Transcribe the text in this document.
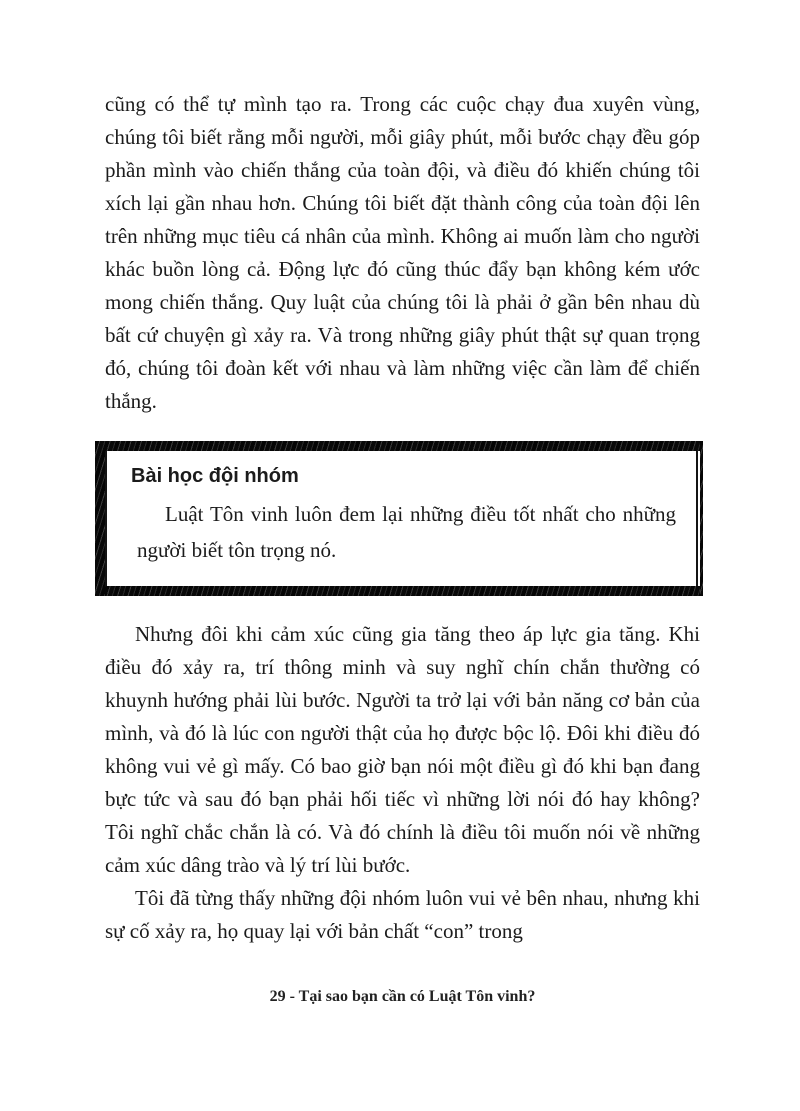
cũng có thể tự mình tạo ra. Trong các cuộc chạy đua xuyên vùng, chúng tôi biết rằng mỗi người, mỗi giây phút, mỗi bước chạy đều góp phần mình vào chiến thắng của toàn đội, và điều đó khiến chúng tôi xích lại gần nhau hơn. Chúng tôi biết đặt thành công của toàn đội lên trên những mục tiêu cá nhân của mình. Không ai muốn làm cho người khác buồn lòng cả. Động lực đó cũng thúc đẩy bạn không kém ước mong chiến thắng. Quy luật của chúng tôi là phải ở gần bên nhau dù bất cứ chuyện gì xảy ra. Và trong những giây phút thật sự quan trọng đó, chúng tôi đoàn kết với nhau và làm những việc cần làm để chiến thắng.

Bài học đội nhóm

Luật Tôn vinh luôn đem lại những điều tốt nhất cho những người biết tôn trọng nó.

Nhưng đôi khi cảm xúc cũng gia tăng theo áp lực gia tăng. Khi điều đó xảy ra, trí thông minh và suy nghĩ chín chắn thường có khuynh hướng phải lùi bước. Người ta trở lại với bản năng cơ bản của mình, và đó là lúc con người thật của họ được bộc lộ. Đôi khi điều đó không vui vẻ gì mấy. Có bao giờ bạn nói một điều gì đó khi bạn đang bực tức và sau đó bạn phải hối tiếc vì những lời nói đó hay không? Tôi nghĩ chắc chắn là có. Và đó chính là điều tôi muốn nói về những cảm xúc dâng trào và lý trí lùi bước.

Tôi đã từng thấy những đội nhóm luôn vui vẻ bên nhau, nhưng khi sự cố xảy ra, họ quay lại với bản chất “con” trong

29 - Tại sao bạn cần có Luật Tôn vinh?
